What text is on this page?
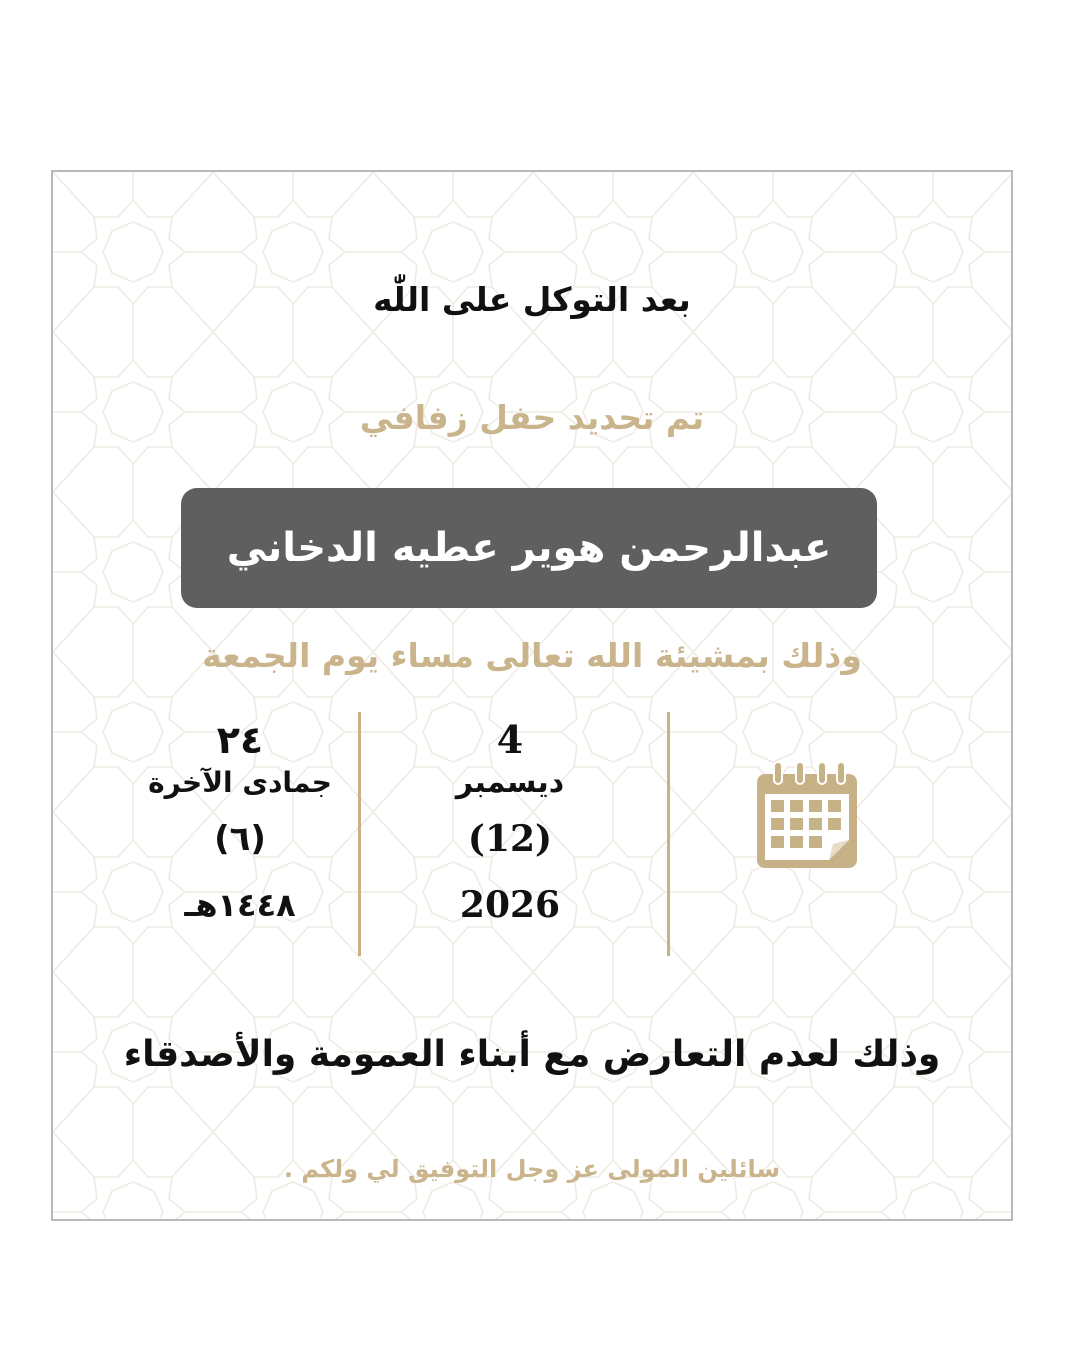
بعد التوكل على اللّٰه
تم تحديد حفل زفافي
عبدالرحمن هوير عطيه الدخاني
وذلك بمشيئة الله تعالى مساء يوم الجمعة
٢٤
جمادى الآخرة
(٦)
١٤٤٨هـ
4
ديسمبر
(12)
2026
وذلك لعدم التعارض مع أبناء العمومة والأصدقاء
سائلين المولى عز وجل التوفيق لي ولكم .
